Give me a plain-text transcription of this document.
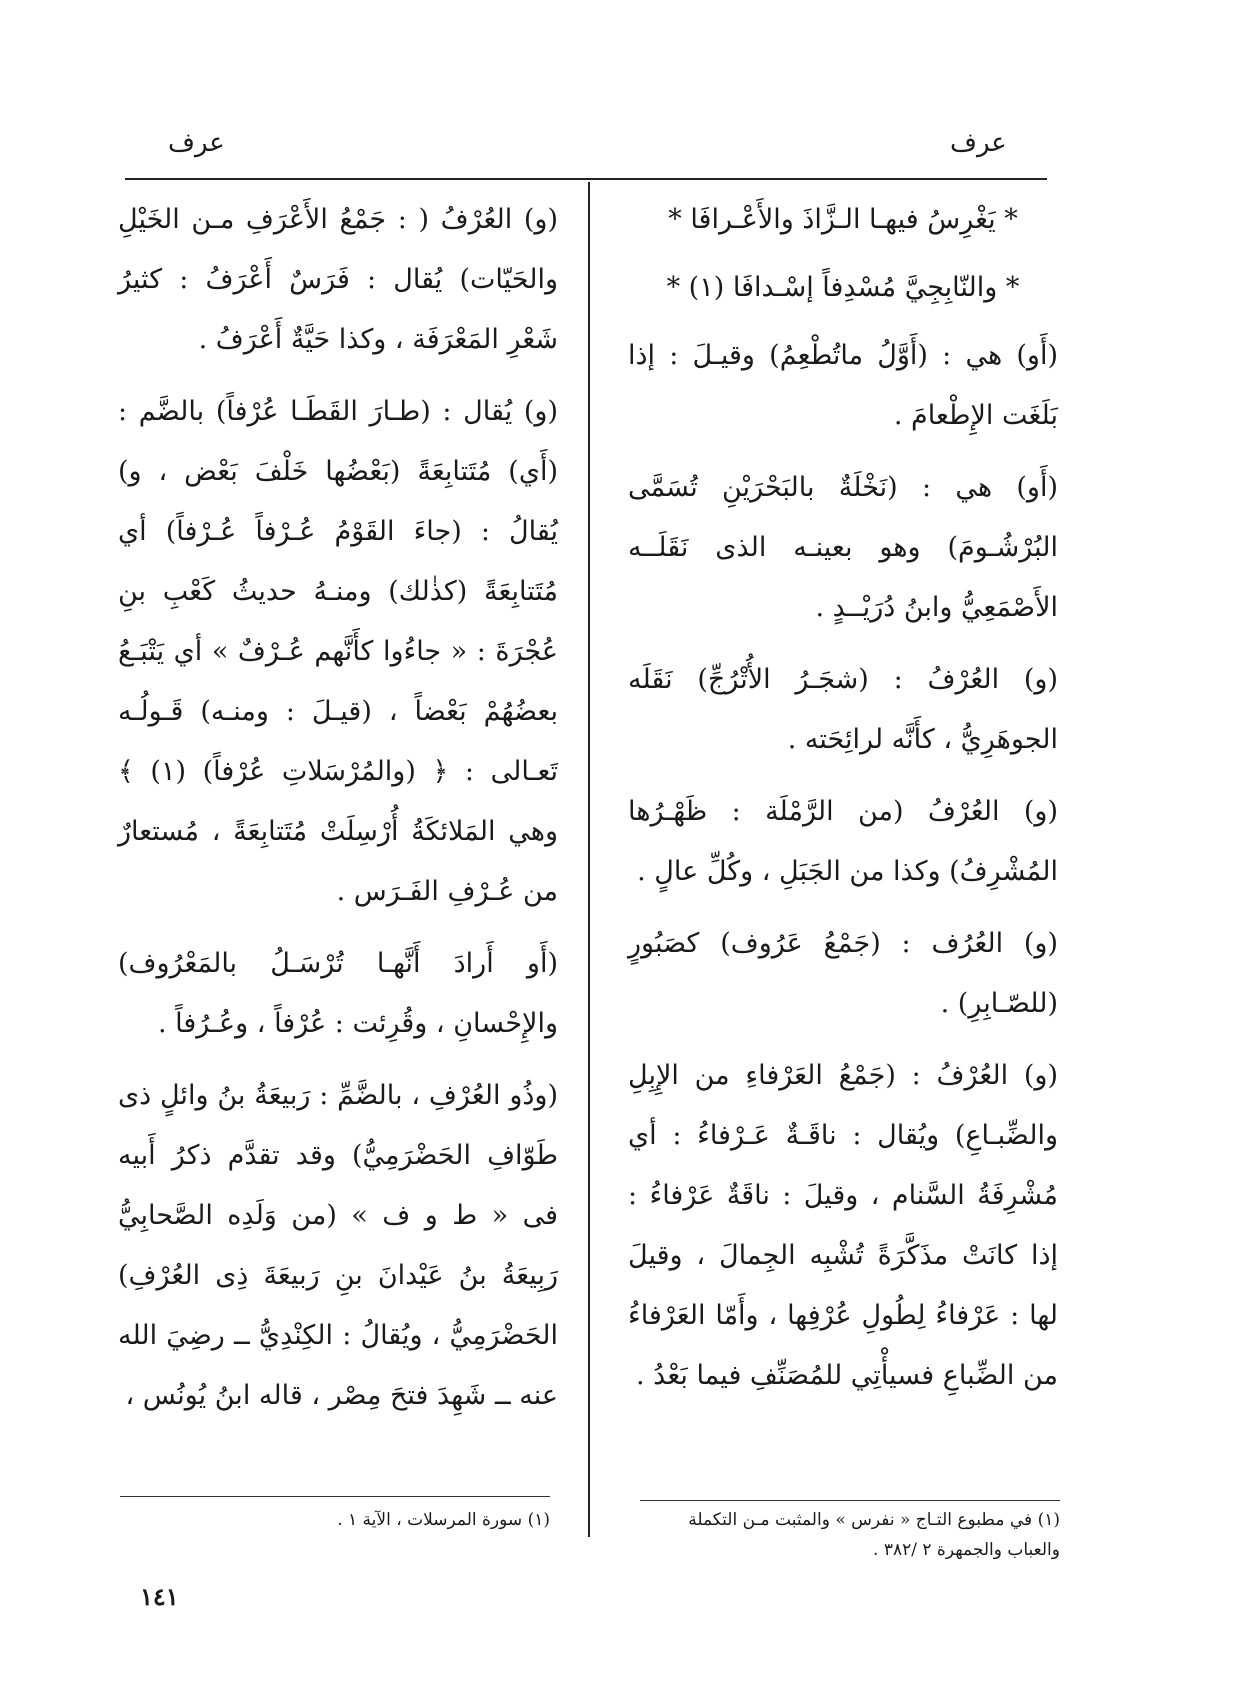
عرف
عرف

* يَغْرِسُ فيهـا الـزَّاذَ والأَعْـرافَا *

* والنّابِجِيَّ مُسْدِفاً إسْـدافَا (١) *

(أَو) هي : (أَوَّلُ ماتُطْعِمُ) وقيـلَ : إذا بَلَغَت الإِطْعامَ .

(أَو) هي : (نَخْلَةٌ بالبَحْرَيْنِ تُسَمَّى البُرْشُـومَ) وهو بعينـه الذى نَقَلَــه الأَصْمَعِيُّ وابنُ دُرَيْــدٍ .

(و) العُرْفُ : (شجَـرُ الأُتْرُجِّ) نَقَلَه الجوهَرِيُّ ، كأَنَّه لرائِحَته .

(و) العُرْفُ (من الرَّمْلَة : ظَهْـرُها المُشْرِفُ) وكذا من الجَبَلِ ، وكُلِّ عالٍ .

(و) العُرُف : (جَمْعُ عَرُوف) كصَبُورٍ (للصّـابِرِ) .

(و) العُرْفُ : (جَمْعُ العَرْفاءِ من الإِبِلِ والضِّبـاعِ) ويُقال : ناقَـةٌ عَـرْفاءُ : أي مُشْرِفَةُ السَّنام ، وقيلَ : ناقَةٌ عَرْفاءُ : إذا كانَتْ مذَكَّرَةً تُشْبِه الجِمالَ ، وقيلَ لها : عَرْفاءُ لِطُولِ عُرْفِها ، وأَمّا العَرْفاءُ من الضِّباعِ فسيأْتِي للمُصَنِّفِ فيما بَعْدُ .

(و) العُرْفُ ( : جَمْعُ الأَعْرَفِ مـن الخَيْلِ والحَيّات) يُقال : فَرَسٌ أَعْرَفُ : كثيرُ شَعْرِ المَعْرَفَة ، وكذا حَيَّةٌ أَعْرَفُ .

(و) يُقال : (طـارَ القَطَـا عُرْفاً) بالضَّم : (أَي) مُتَتابِعَةً (بَعْضُها خَلْفَ بَعْض ، و) يُقالُ : (جاءَ القَوْمُ عُـرْفاً عُـرْفاً) أي مُتَتابِعَةً (كذٰلك) ومنـهُ حديثُ كَعْبِ بنِ عُجْرَةَ : « جاءُوا كأَنَّهم عُـرْفٌ » أي يَتْبَـعُ بعضُهُمْ بَعْضاً ، (قيـلَ : ومنـه) قَـولُـه تَعـالى : ﴿ (والمُرْسَلاتِ عُرْفاً) (١) ﴾ وهي المَلائكَةُ أُرْسِلَتْ مُتَتابِعَةً ، مُستعارٌ من عُـرْفِ الفَـرَس .

(أَو أَرادَ أَنَّهـا تُرْسَـلُ بالمَعْرُوف) والإِحْسانِ ، وقُرِئت : عُرْفاً ، وعُـرُفاً .

(وذُو العُرْفِ ، بالضَّمِّ : رَبيعَةُ بنُ وائلٍ ذى طَوّافِ الحَضْرَمِيُّ) وقد تقدَّم ذكرُ أَبيه فى « ط و ف » (من وَلَدِه الصَّحابِيُّ رَبِيعَةُ بنُ عَيْدانَ بنِ رَبيعَةَ ذِى العُرْفِ) الحَضْرَمِيُّ ، ويُقالُ : الكِنْدِيُّ ــ رضِيَ الله عنه ــ شَهِدَ فتحَ مِصْر ، قاله ابنُ يُونُس ،

(١) في مطبوع التـاج « نفرس » والمثبت مـن التكملة والعباب والجمهرة ٢ /٣٨٢ .
(١) سورة المرسلات ، الآية ١ .
١٤١
